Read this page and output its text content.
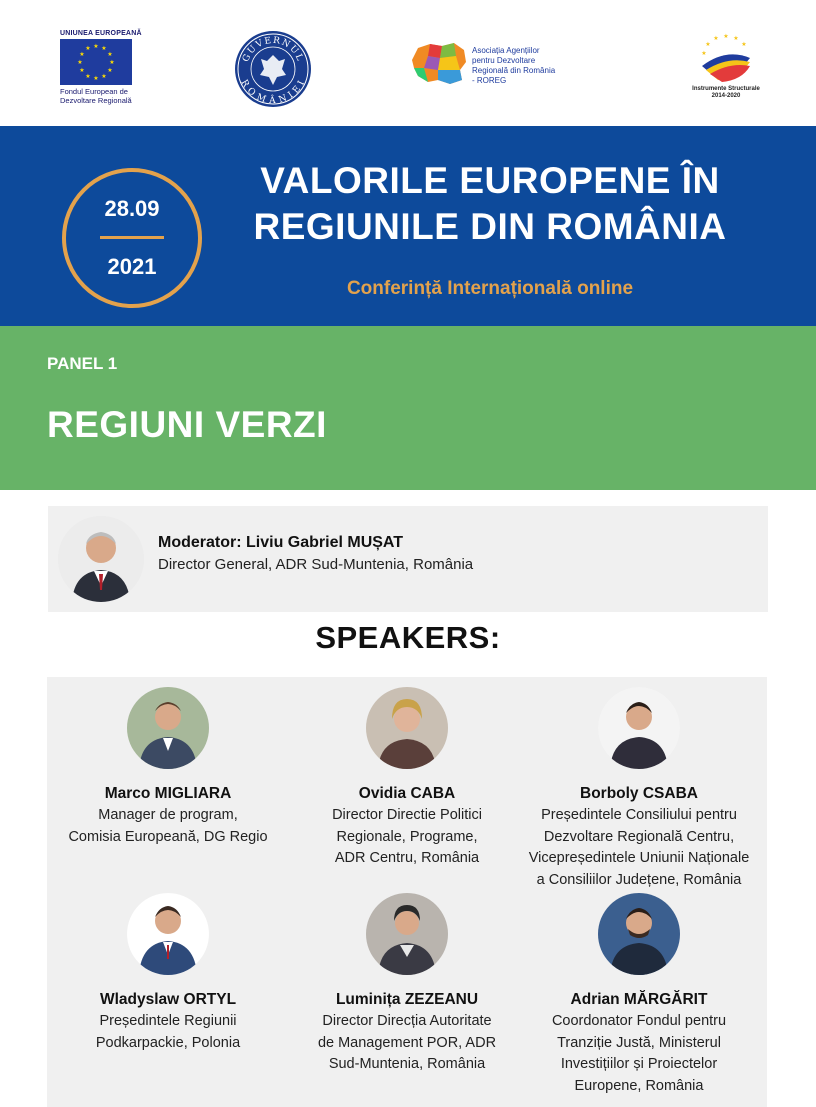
UNIUNEA EUROPEANĂ
★ ★
★
★
★
★
★
★
★
★
★
★
Fondul European de
Dezvoltare Regională
GUVERNUL
ROMÂNIEI
Asociația Agențiilor
pentru Dezvoltare
Regională din România
- ROREG
★ ★
★
★
★
★
Instrumente Structurale
2014-2020
28.09
2021
VALORILE EUROPENE ÎN
REGIUNILE DIN ROMÂNIA
Conferință Internațională online
PANEL 1
REGIUNI VERZI
Moderator: Liviu Gabriel MUȘAT
Director General, ADR Sud-Muntenia, România
SPEAKERS:
Marco MIGLIARA
Manager de program,
Comisia Europeană, DG Regio
Ovidia CABA
Director Directie Politici
Regionale, Programe,
ADR Centru, România
Borboly CSABA
Președintele Consiliului pentru
Dezvoltare Regională Centru,
Vicepreședintele Uniunii Naționale
a Consiliilor Județene, România
Wladyslaw ORTYL
Președintele Regiunii
Podkarpackie, Polonia
Luminița ZEZEANU
Director Direcția Autoritate
de Management POR, ADR
Sud-Muntenia, România
Adrian MĂRGĂRIT
Coordonator Fondul pentru
Tranziție Justă, Ministerul
Investițiilor și Proiectelor
Europene, România
